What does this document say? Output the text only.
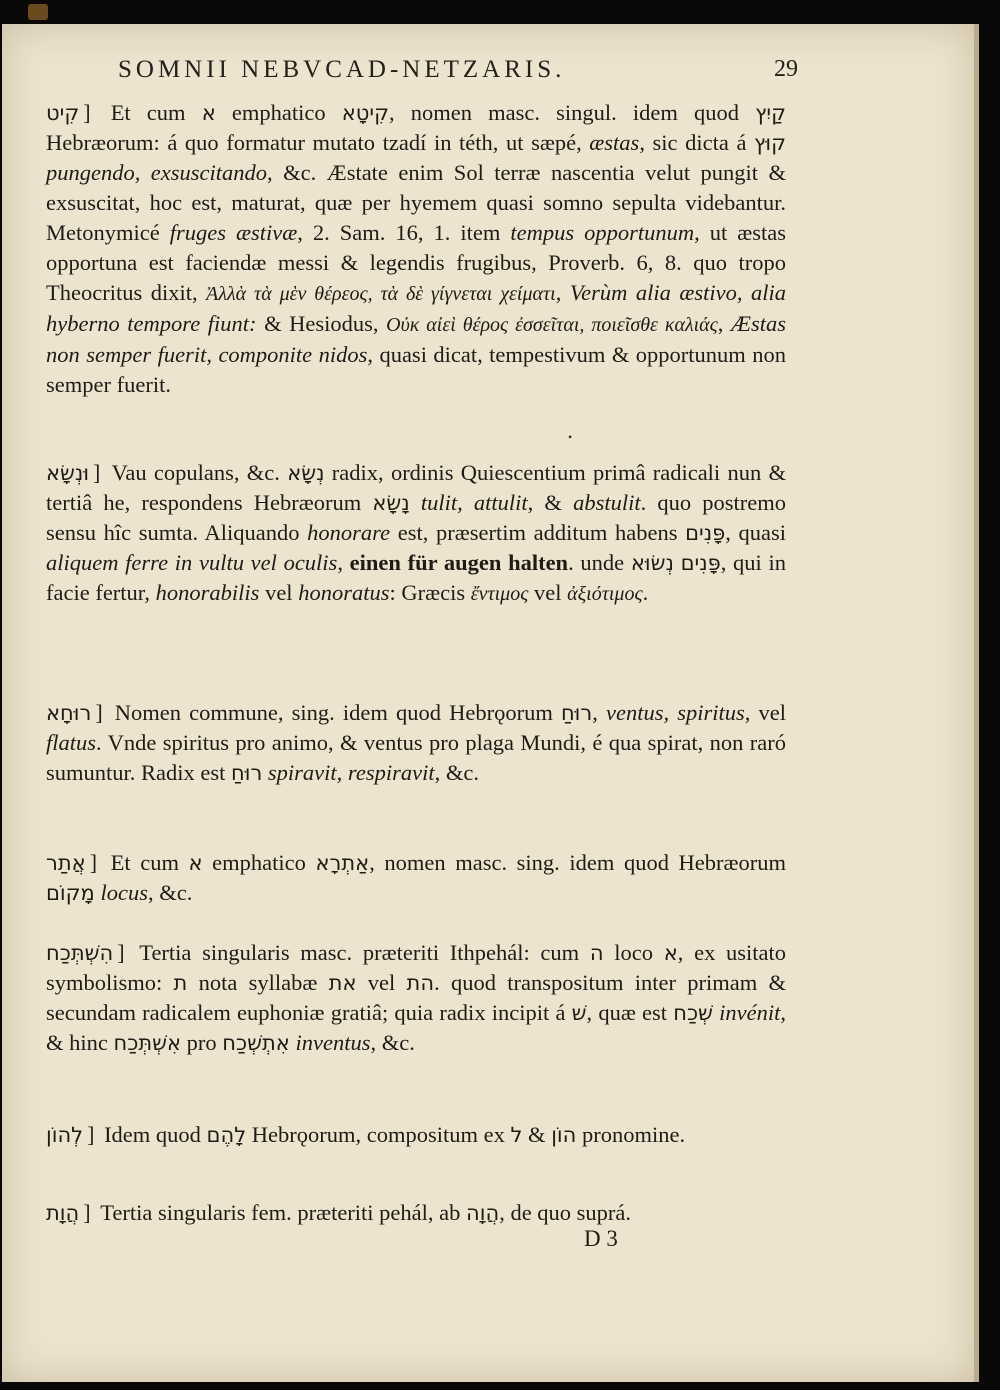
SOMNII NEBVCAD-NETZARIS.	29

קִיט ] Et cum א emphatico קִיטָא, nomen masc. singul. idem quod קַיִץ Hebræorum: á quo formatur mutato tzadí in téth, ut sæpé, æstas, sic dicta á קוּץ pungendo, exsuscitando, &c. Æstate enim Sol terræ nascentia velut pungit & exsuscitat, hoc est, maturat, quæ per hyemem quasi somno sepulta videbantur. Metonymicé fruges æstivæ, 2. Sam. 16, 1. item tempus opportunum, ut æstas opportuna est faciendæ messi & legendis frugibus, Proverb. 6, 8. quo tropo Theocritus dixit, Ἀλλὰ τὰ μὲν θέρεος, τὰ δὲ γίγνεται χείματι, Verùm alia æstivo, alia hyberno tempore fiunt: & Hesiodus, Οὐκ αἰεὶ θέρος ἐσσεῖται, ποιεῖσθε καλιάς, Æstas non semper fuerit, componite nidos, quasi dicat, tempestivum & opportunum non semper fuerit.

•

וּנְשָׂא ] Vau copulans, &c. נְשָׂא radix, ordinis Quiescentium primâ radicali nun & tertiâ he, respondens Hebræorum נָשָׂא tulit, attulit, & abstulit. quo postremo sensu hîc sumta. Aliquando honorare est, præsertim additum habens פָּנִים, quasi aliquem ferre in vultu vel oculis, einen für augen halten. unde נְשׂוּא פָּנִים, qui in facie fertur, honorabilis vel honoratus: Græcis ἔντιμος vel ἀξιότιμος.

רוּחָא ] Nomen commune, sing. idem quod Hebrǫorum רוּחַ, ventus, spiritus, vel flatus. Vnde spiritus pro animo, & ventus pro plaga Mundi, é qua spirat, non raró sumuntur. Radix est רוּחַ spiravit, respiravit, &c.

אֲתַר ] Et cum א emphatico אַתְרָא, nomen masc. sing. idem quod Hebræorum מָקוֹם locus, &c.

הִשְׁתְּכַח ] Tertia singularis masc. præteriti Ithpehál: cum ה loco א, ex usitato symbolismo: ת nota syllabæ את vel הת. quod transpositum inter primam & secundam radicalem euphoniæ gratiâ; quia radix incipit á שׁ, quæ est שְׁכַח invénit, & hinc אִשְׁתְּכַח pro אִתְשְׁכַח inventus, &c.

לְהוֹן ] Idem quod לָהֶם Hebrǫorum, compositum ex ל & הוֹן pronomine.

הֲוָת ] Tertia singularis fem. præteriti pehál, ab הֲוָה, de quo suprá.

D 3
